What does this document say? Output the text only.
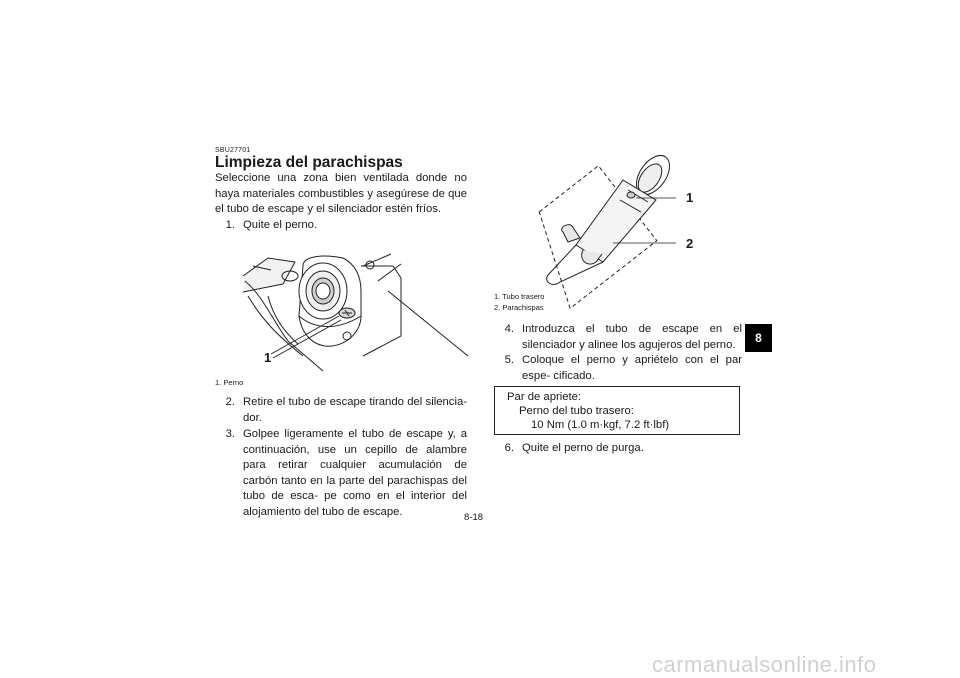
SBU27701
Limpieza del parachispas
Seleccione una zona bien ventilada donde no haya materiales combustibles y asegúrese de que el tubo de escape y el silenciador estén fríos.
1. Quite el perno.
1
1. Perno
2. Retire el tubo de escape tirando del silencia- dor.
3. Golpee ligeramente el tubo de escape y, a continuación, use un cepillo de alambre para retirar cualquier acumulación de carbón tanto en la parte del parachispas del tubo de esca- pe como en el interior del alojamiento del tubo de escape.
1
2
1. Tubo trasero
2. Parachispas
4. Introduzca el tubo de escape en el silenciador y alinee los agujeros del perno.
5. Coloque el perno y apriételo con el par espe- cificado.
Par de apriete:
Perno del tubo trasero:
10 Nm (1.0 m·kgf, 7.2 ft·lbf)
6. Quite el perno de purga.
8
8-18
carmanualsonline.info
